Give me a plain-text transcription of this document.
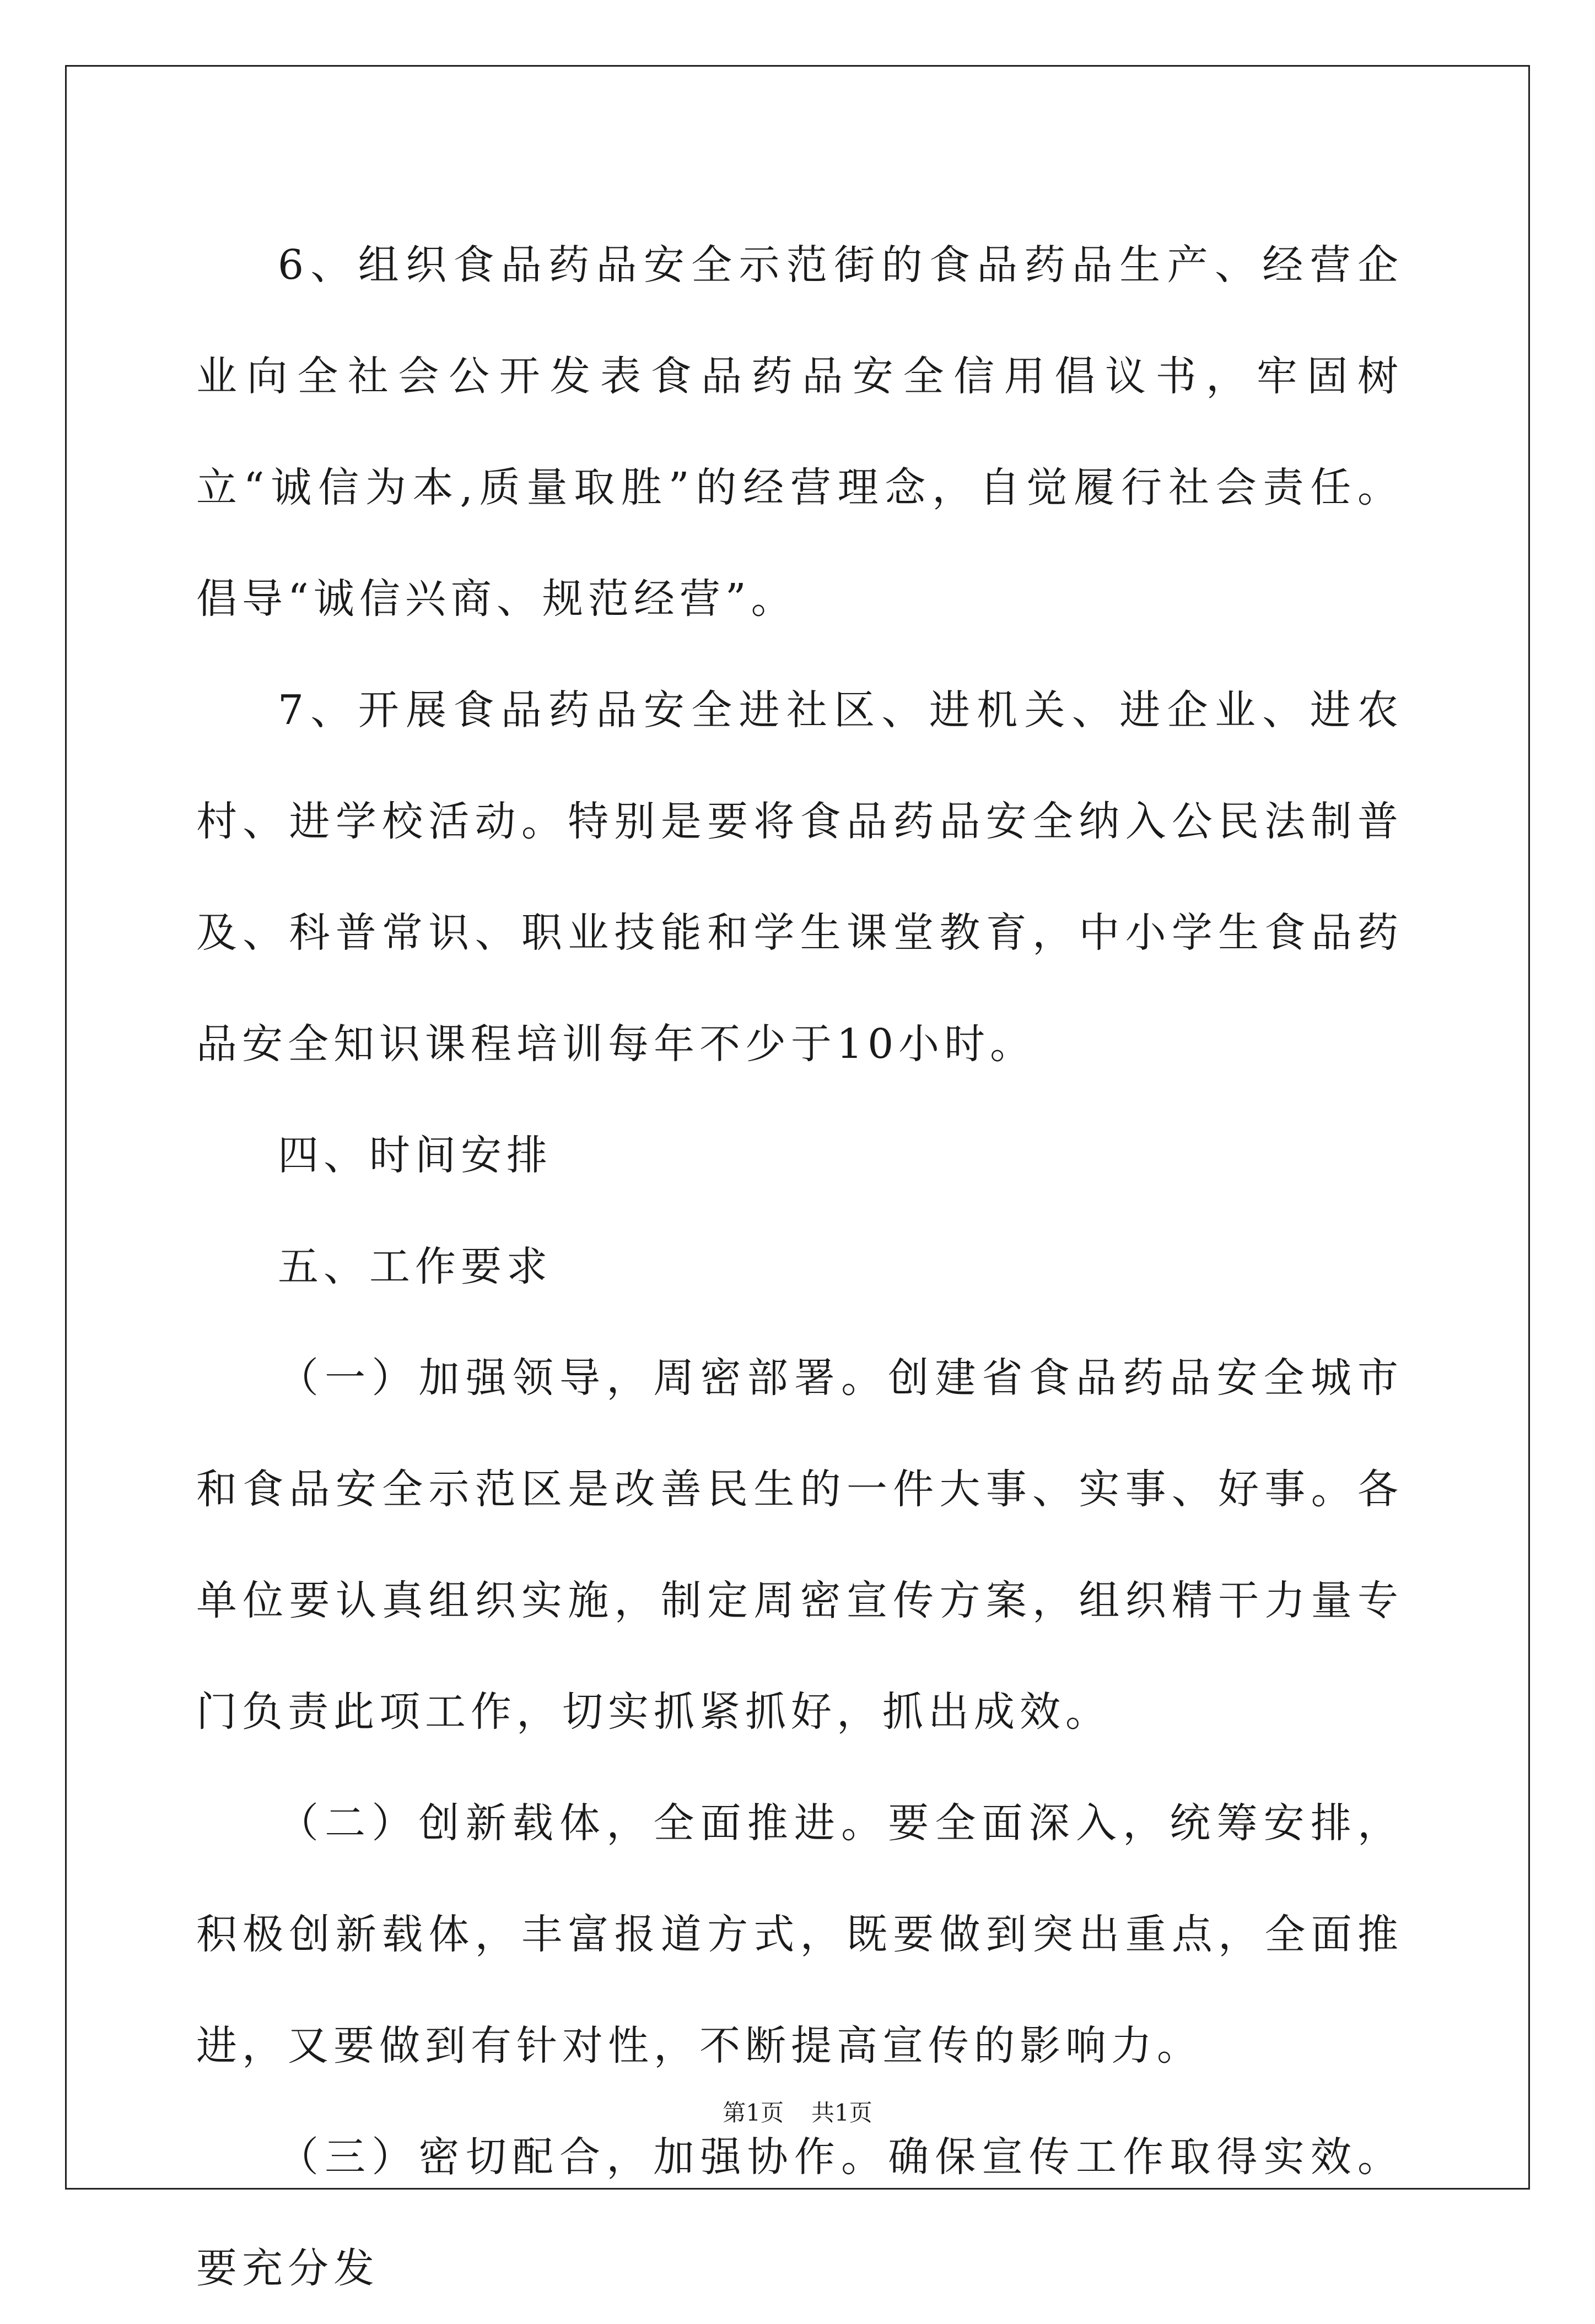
6、组织食品药品安全示范街的食品药品生产、经营企业向全社会公开发表食品药品安全信用倡议书，牢固树立“诚信为本,质量取胜”的经营理念，自觉履行社会责任。倡导“诚信兴商、规范经营”。

7、开展食品药品安全进社区、进机关、进企业、进农村、进学校活动。特别是要将食品药品安全纳入公民法制普及、科普常识、职业技能和学生课堂教育，中小学生食品药品安全知识课程培训每年不少于10小时。

四、时间安排

五、工作要求

（一）加强领导，周密部署。创建省食品药品安全城市和食品安全示范区是改善民生的一件大事、实事、好事。各单位要认真组织实施，制定周密宣传方案，组织精干力量专门负责此项工作，切实抓紧抓好，抓出成效。

（二）创新载体，全面推进。要全面深入，统筹安排，积极创新载体，丰富报道方式，既要做到突出重点，全面推进，又要做到有针对性，不断提高宣传的影响力。

（三）密切配合，加强协作。确保宣传工作取得实效。要充分发

第1页 共1页
